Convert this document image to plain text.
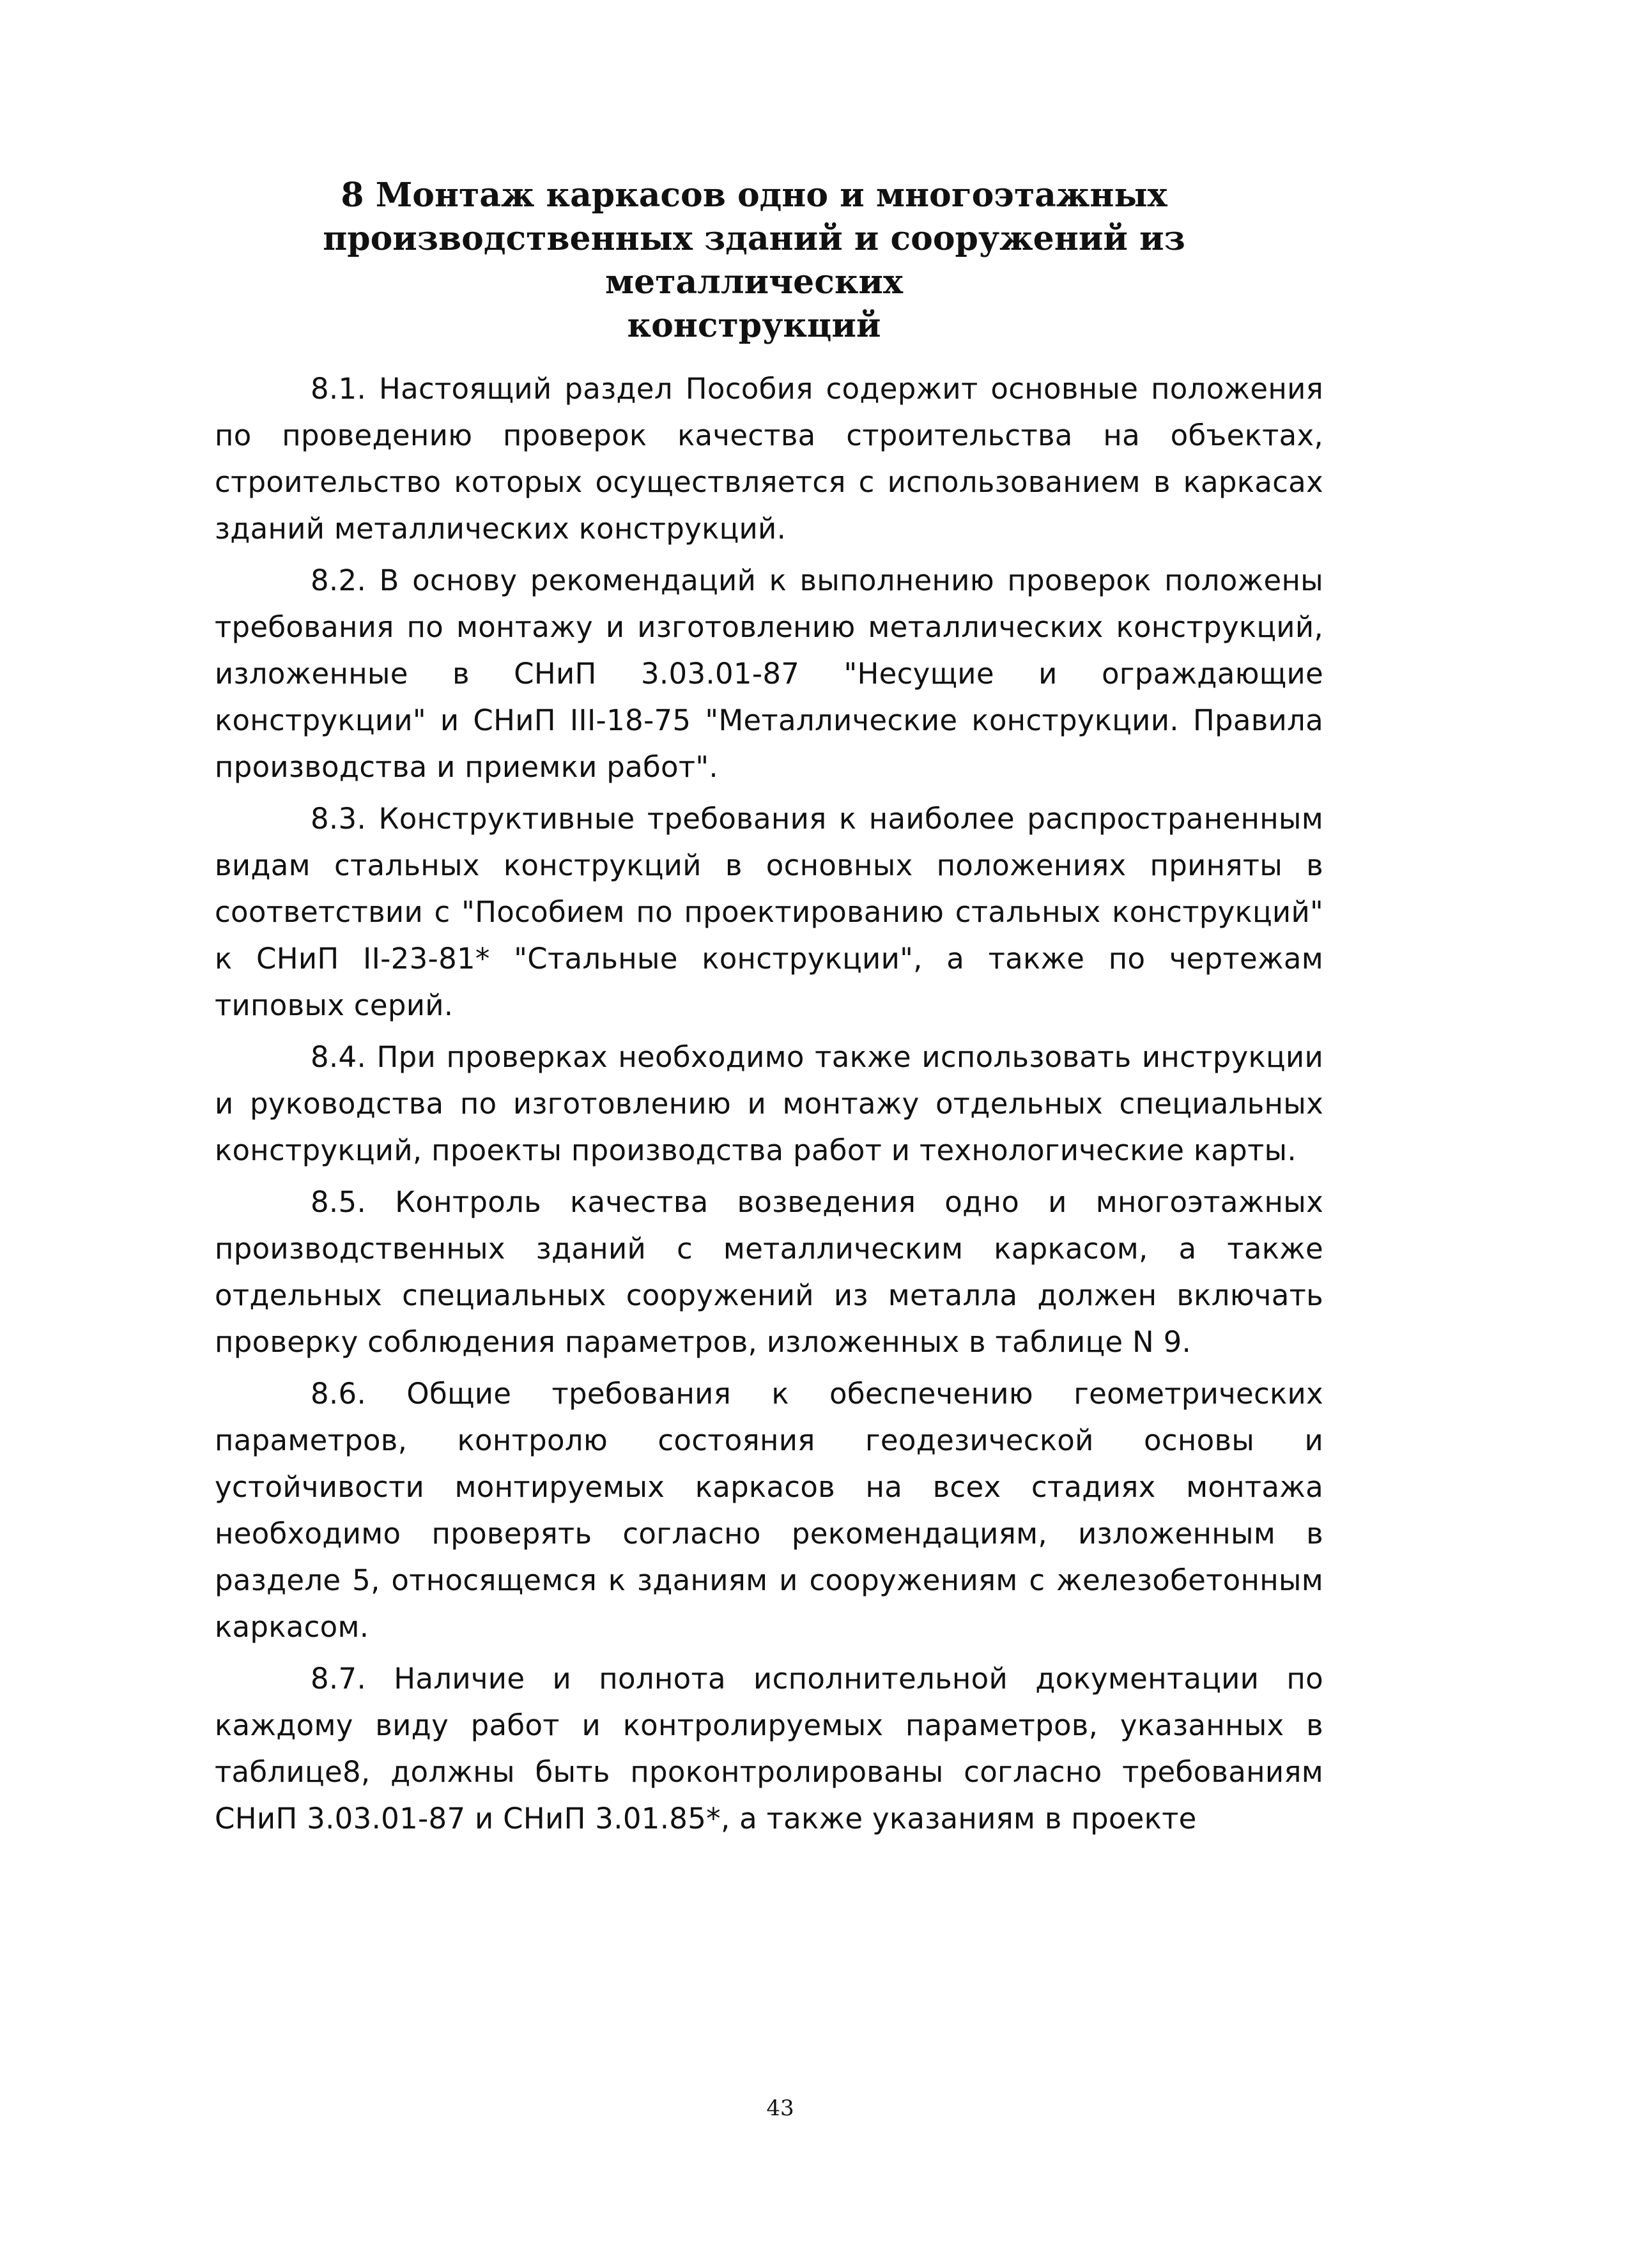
8 Монтаж каркасов одно и многоэтажных
производственных зданий и сооружений из металлических
конструкций

8.1. Настоящий раздел Пособия содержит основные положения по проведению проверок качества строительства на объектах, строительство которых осуществляется с использованием в каркасах зданий металлических конструкций.

8.2. В основу рекомендаций к выполнению проверок положены требования по монтажу и изготовлению металлических конструкций, изложенные в СНиП 3.03.01-87 "Несущие и ограждающие конструкции" и СНиП III-18-75 "Металлические конструкции. Правила производства и приемки работ".

8.3. Конструктивные требования к наиболее распространенным видам стальных конструкций в основных положениях приняты в соответствии с "Пособием по проектированию стальных конструкций" к СНиП II-23-81* "Стальные конструкции", а также по чертежам типовых серий.

8.4. При проверках необходимо также использовать инструкции и руководства по изготовлению и монтажу отдельных специальных конструкций, проекты производства работ и технологические карты.

8.5. Контроль качества возведения одно и многоэтажных производственных зданий с металлическим каркасом, а также отдельных специальных сооружений из металла должен включать проверку соблюдения параметров, изложенных в таблице N 9.

8.6. Общие требования к обеспечению геометрических параметров, контролю состояния геодезической основы и устойчивости монтируемых каркасов на всех стадиях монтажа необходимо проверять согласно рекомендациям, изложенным в разделе 5, относящемся к зданиям и сооружениям с железобетонным каркасом.

8.7. Наличие и полнота исполнительной документации по каждому виду работ и контролируемых параметров, указанных в таблице8, должны быть проконтролированы согласно требованиям СНиП 3.03.01-87 и СНиП 3.01.85*, а также указаниям в проекте

43
